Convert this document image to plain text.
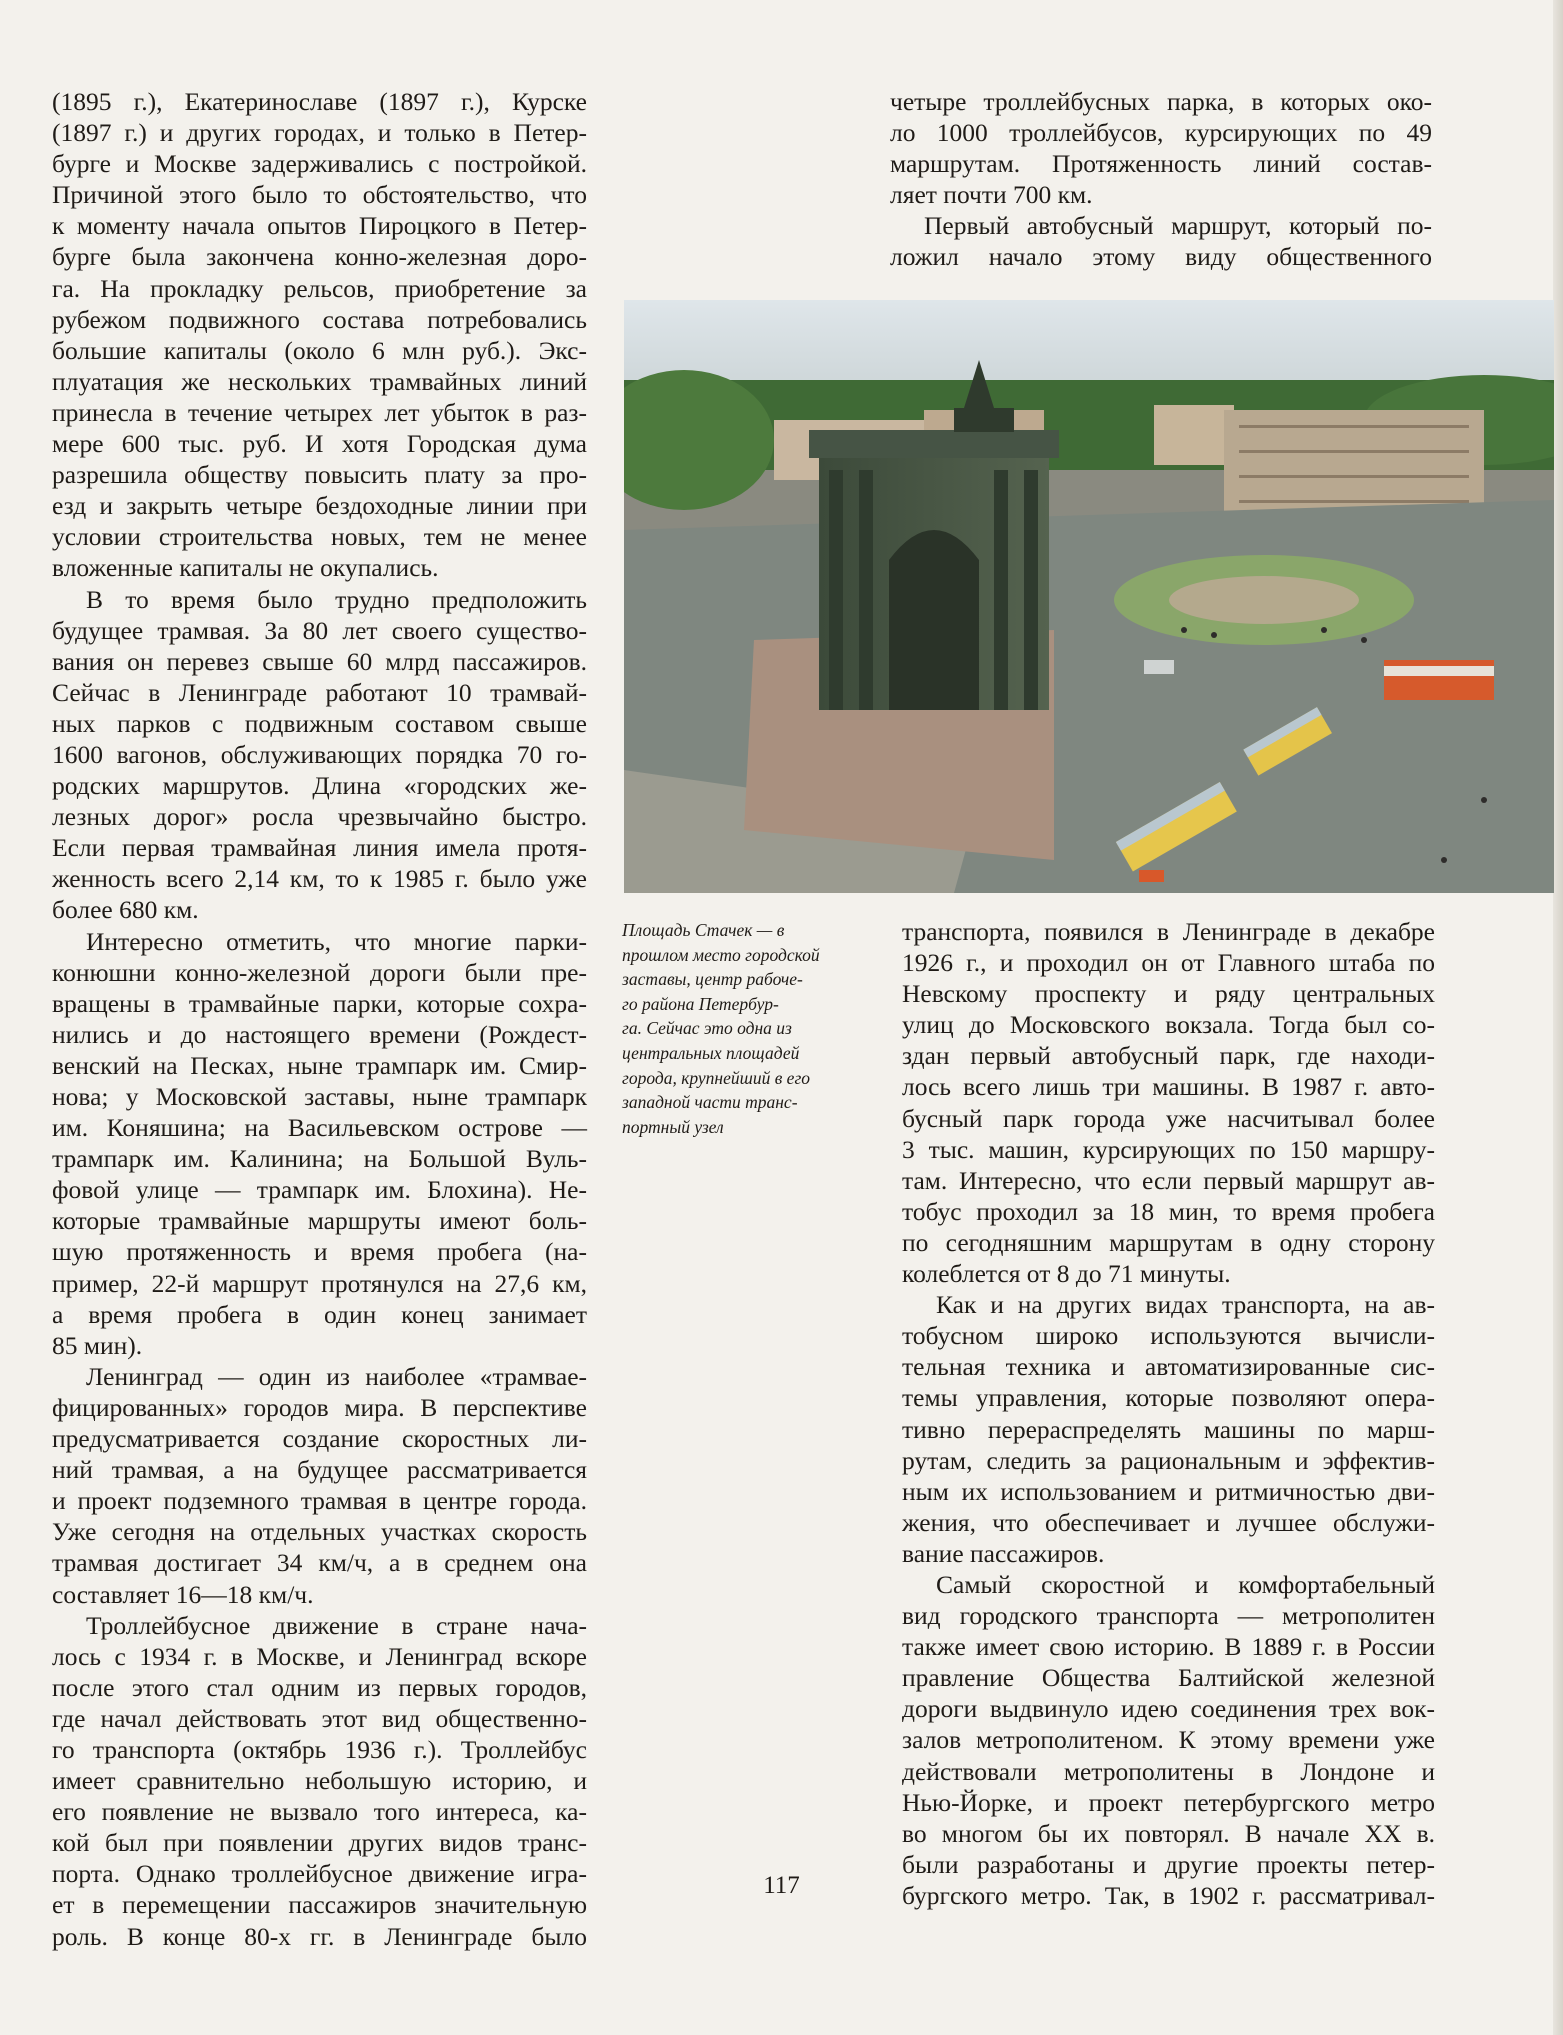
(1895 г.), Екатеринославе (1897 г.), Курске
(1897 г.) и других городах, и только в Петер-
бурге и Москве задерживались с постройкой.
Причиной этого было то обстоятельство, что
к моменту начала опытов Пироцкого в Петер-
бурге была закончена конно-железная доро-
га. На прокладку рельсов, приобретение за
рубежом подвижного состава потребовались
большие капиталы (около 6 млн руб.). Экс-
плуатация же нескольких трамвайных линий
принесла в течение четырех лет убыток в раз-
мере 600 тыс. руб. И хотя Городская дума
разрешила обществу повысить плату за про-
езд и закрыть четыре бездоходные линии при
условии строительства новых, тем не менее
вложенные капиталы не окупались.
В то время было трудно предположить
будущее трамвая. За 80 лет своего существо-
вания он перевез свыше 60 млрд пассажиров.
Сейчас в Ленинграде работают 10 трамвай-
ных парков с подвижным составом свыше
1600 вагонов, обслуживающих порядка 70 го-
родских маршрутов. Длина «городских же-
лезных дорог» росла чрезвычайно быстро.
Если первая трамвайная линия имела протя-
женность всего 2,14 км, то к 1985 г. было уже
более 680 км.
Интересно отметить, что многие парки-
конюшни конно-железной дороги были пре-
вращены в трамвайные парки, которые сохра-
нились и до настоящего времени (Рождест-
венский на Песках, ныне трампарк им. Смир-
нова; у Московской заставы, ныне трампарк
им. Коняшина; на Васильевском острове —
трампарк им. Калинина; на Большой Вуль-
фовой улице — трампарк им. Блохина). Не-
которые трамвайные маршруты имеют боль-
шую протяженность и время пробега (на-
пример, 22-й маршрут протянулся на 27,6 км,
а время пробега в один конец занимает
85 мин).
Ленинград — один из наиболее «трамвае-
фицированных» городов мира. В перспективе
предусматривается создание скоростных ли-
ний трамвая, а на будущее рассматривается
и проект подземного трамвая в центре города.
Уже сегодня на отдельных участках скорость
трамвая достигает 34 км/ч, а в среднем она
составляет 16—18 км/ч.
Троллейбусное движение в стране нача-
лось с 1934 г. в Москве, и Ленинград вскоре
после этого стал одним из первых городов,
где начал действовать этот вид общественно-
го транспорта (октябрь 1936 г.). Троллейбус
имеет сравнительно небольшую историю, и
его появление не вызвало того интереса, ка-
кой был при появлении других видов транс-
порта. Однако троллейбусное движение игра-
ет в перемещении пассажиров значительную
роль. В конце 80-х гг. в Ленинграде было
четыре троллейбусных парка, в которых око-
ло 1000 троллейбусов, курсирующих по 49
маршрутам. Протяженность линий состав-
ляет почти 700 км.
Первый автобусный маршрут, который по-
ложил начало этому виду общественного
транспорта, появился в Ленинграде в декабре
1926 г., и проходил он от Главного штаба по
Невскому проспекту и ряду центральных
улиц до Московского вокзала. Тогда был со-
здан первый автобусный парк, где находи-
лось всего лишь три машины. В 1987 г. авто-
бусный парк города уже насчитывал более
3 тыс. машин, курсирующих по 150 маршру-
там. Интересно, что если первый маршрут ав-
тобус проходил за 18 мин, то время пробега
по сегодняшним маршрутам в одну сторону
колеблется от 8 до 71 минуты.
Как и на других видах транспорта, на ав-
тобусном широко используются вычисли-
тельная техника и автоматизированные сис-
темы управления, которые позволяют опера-
тивно перераспределять машины по марш-
рутам, следить за рациональным и эффектив-
ным их использованием и ритмичностью дви-
жения, что обеспечивает и лучшее обслужи-
вание пассажиров.
Самый скоростной и комфортабельный
вид городского транспорта — метрополитен
также имеет свою историю. В 1889 г. в России
правление Общества Балтийской железной
дороги выдвинуло идею соединения трех вок-
залов метрополитеном. К этому времени уже
действовали метрополитены в Лондоне и
Нью-Йорке, и проект петербургского метро
во многом бы их повторял. В начале XX в.
были разработаны и другие проекты петер-
бургского метро. Так, в 1902 г. рассматривал-
Площадь Стачек — в
прошлом место городской
заставы, центр рабоче-
го района Петербур-
га. Сейчас это одна из
центральных площадей
города, крупнейший в его
западной части транс-
портный узел
117
